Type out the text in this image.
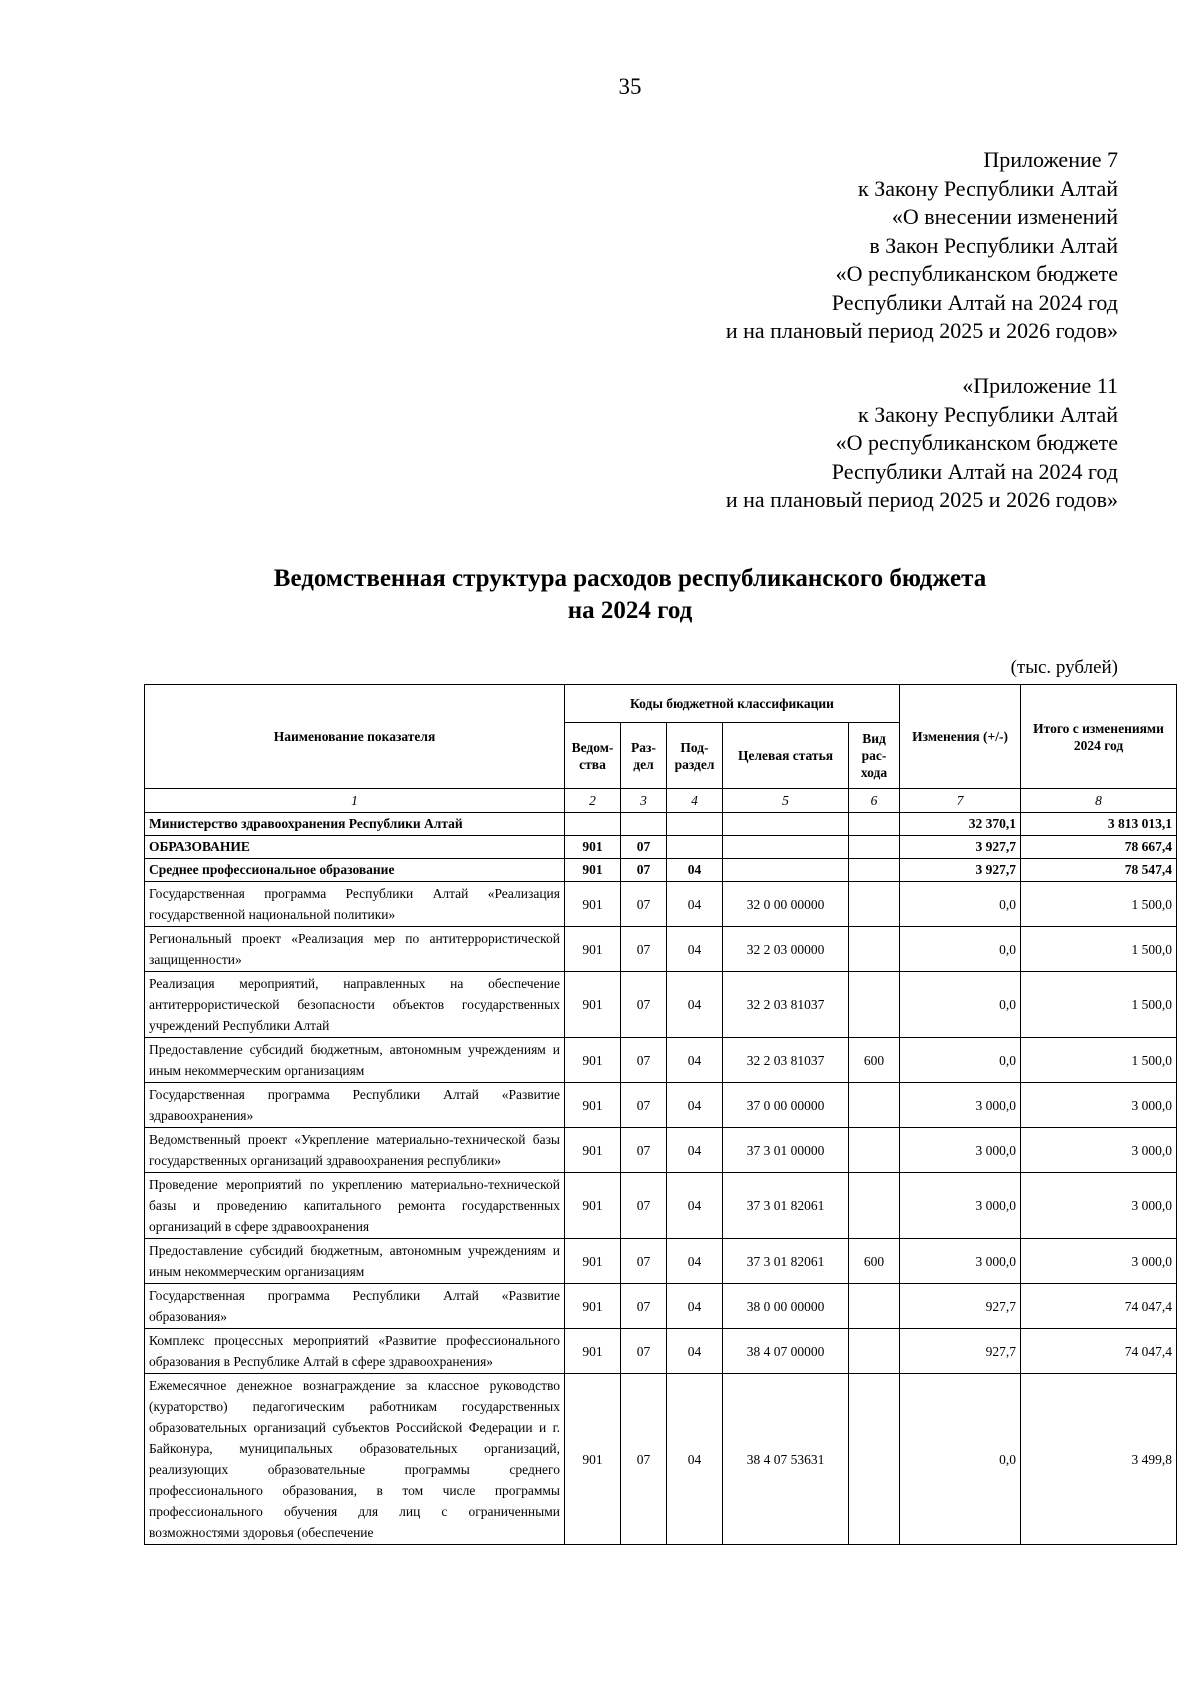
35
Приложение 7
к Закону Республики Алтай
«О внесении изменений
в Закон Республики Алтай
«О республиканском бюджете
Республики Алтай на 2024 год
и на плановый период 2025 и 2026 годов»
«Приложение 11
к Закону Республики Алтай
«О республиканском бюджете
Республики Алтай на 2024 год
и на плановый период 2025 и 2026 годов»
Ведомственная структура расходов республиканского бюджета
на 2024 год
(тыс. рублей)
Наименование показателя	Коды бюджетной классификации					Изменения (+/-)	Итого с изменениями 2024 год
	Ведом- ства	Раз- дел	Под- раздел	Целевая статья	Вид рас- хода		
1	2	3	4	5	6	7	8
Министерство здравоохранения Республики Алтай						32 370,1	3 813 013,1
ОБРАЗОВАНИЕ	901	07				3 927,7	78 667,4
Среднее профессиональное образование	901	07	04			3 927,7	78 547,4
Государственная программа Республики Алтай «Реализация государственной национальной политики»	901	07	04	32 0 00 00000		0,0	1 500,0
Региональный проект «Реализация мер по антитеррористической защищенности»	901	07	04	32 2 03 00000		0,0	1 500,0
Реализация мероприятий, направленных на обеспечение антитеррористической безопасности объектов государственных учреждений Республики Алтай	901	07	04	32 2 03 81037		0,0	1 500,0
Предоставление субсидий бюджетным, автономным учреждениям и иным некоммерческим организациям	901	07	04	32 2 03 81037	600	0,0	1 500,0
Государственная программа Республики Алтай «Развитие здравоохранения»	901	07	04	37 0 00 00000		3 000,0	3 000,0
Ведомственный проект «Укрепление материально-технической базы государственных организаций здравоохранения республики»	901	07	04	37 3 01 00000		3 000,0	3 000,0
Проведение мероприятий по укреплению материально-технической базы и проведению капитального ремонта государственных организаций в сфере здравоохранения	901	07	04	37 3 01 82061		3 000,0	3 000,0
Предоставление субсидий бюджетным, автономным учреждениям и иным некоммерческим организациям	901	07	04	37 3 01 82061	600	3 000,0	3 000,0
Государственная программа Республики Алтай «Развитие образования»	901	07	04	38 0 00 00000		927,7	74 047,4
Комплекс процессных мероприятий «Развитие профессионального образования в Республике Алтай в сфере здравоохранения»	901	07	04	38 4 07 00000		927,7	74 047,4
Ежемесячное денежное вознаграждение за классное руководство (кураторство) педагогическим работникам государственных образовательных организаций субъектов Российской Федерации и г. Байконура, муниципальных образовательных организаций, реализующих образовательные программы среднего профессионального образования, в том числе программы профессионального обучения для лиц с ограниченными возможностями здоровья (обеспечение	901	07	04	38 4 07 53631		0,0	3 499,8
